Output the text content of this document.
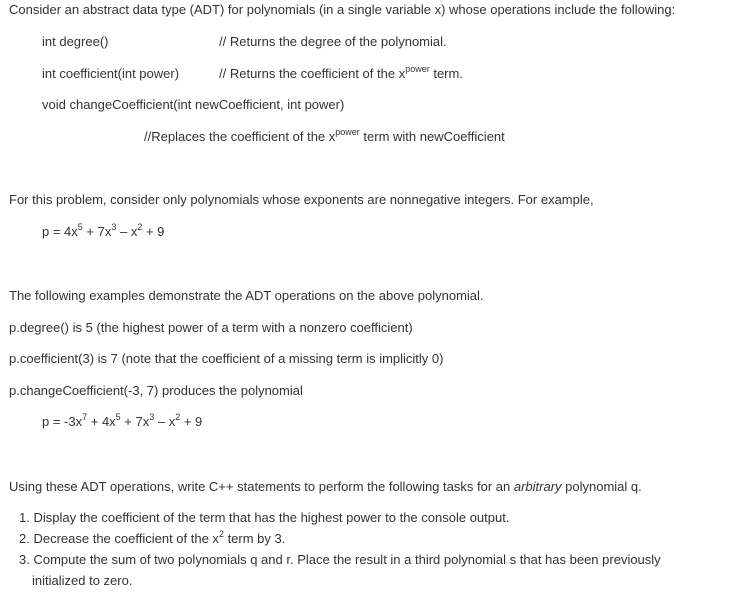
Consider an abstract data type (ADT) for polynomials (in a single variable x) whose operations include the following:
int degree()	// Returns the degree of the polynomial.
int coefficient(int power)	// Returns the coefficient of the $x^{power}$ term.
void changeCoefficient(int newCoefficient, int power)
//Replaces the coefficient of the $x^{power}$ term with newCoefficient
For this problem, consider only polynomials whose exponents are nonnegative integers. For example,
$p = 4x^5 + 7x^3 - x^2 + 9$
The following examples demonstrate the ADT operations on the above polynomial.
p.degree() is 5 (the highest power of a term with a nonzero coefficient)
p.coefficient(3) is 7 (note that the coefficient of a missing term is implicitly 0)
p.changeCoefficient(-3, 7) produces the polynomial
$p = -3x^7 + 4x^5 + 7x^3 - x^2 + 9$
Using these ADT operations, write C++ statements to perform the following tasks for an arbitrary polynomial q.
1. Display the coefficient of the term that has the highest power to the console output.
2. Decrease the coefficient of the $x^2$ term by 3.
3. Compute the sum of two polynomials q and r. Place the result in a third polynomial s that has been previously
initialized to zero.
